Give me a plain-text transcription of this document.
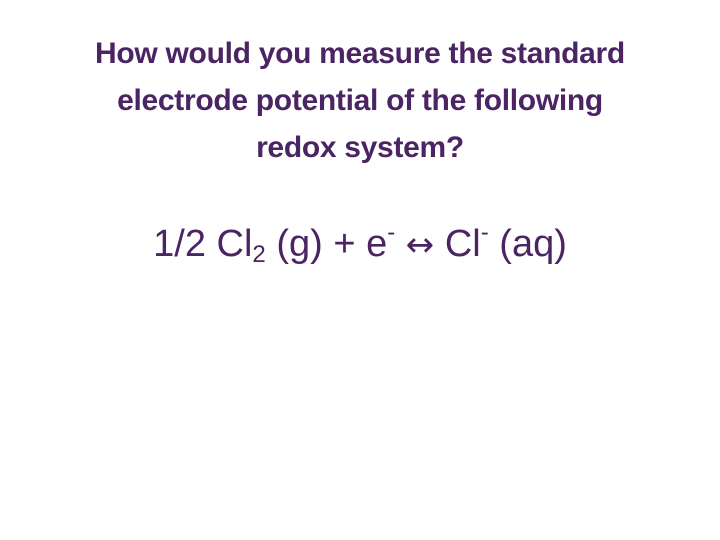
How would you measure the standard
electrode potential of the following
redox system?
1/2 $Cl_2$ (g) + e- ↔ Cl- (aq)
